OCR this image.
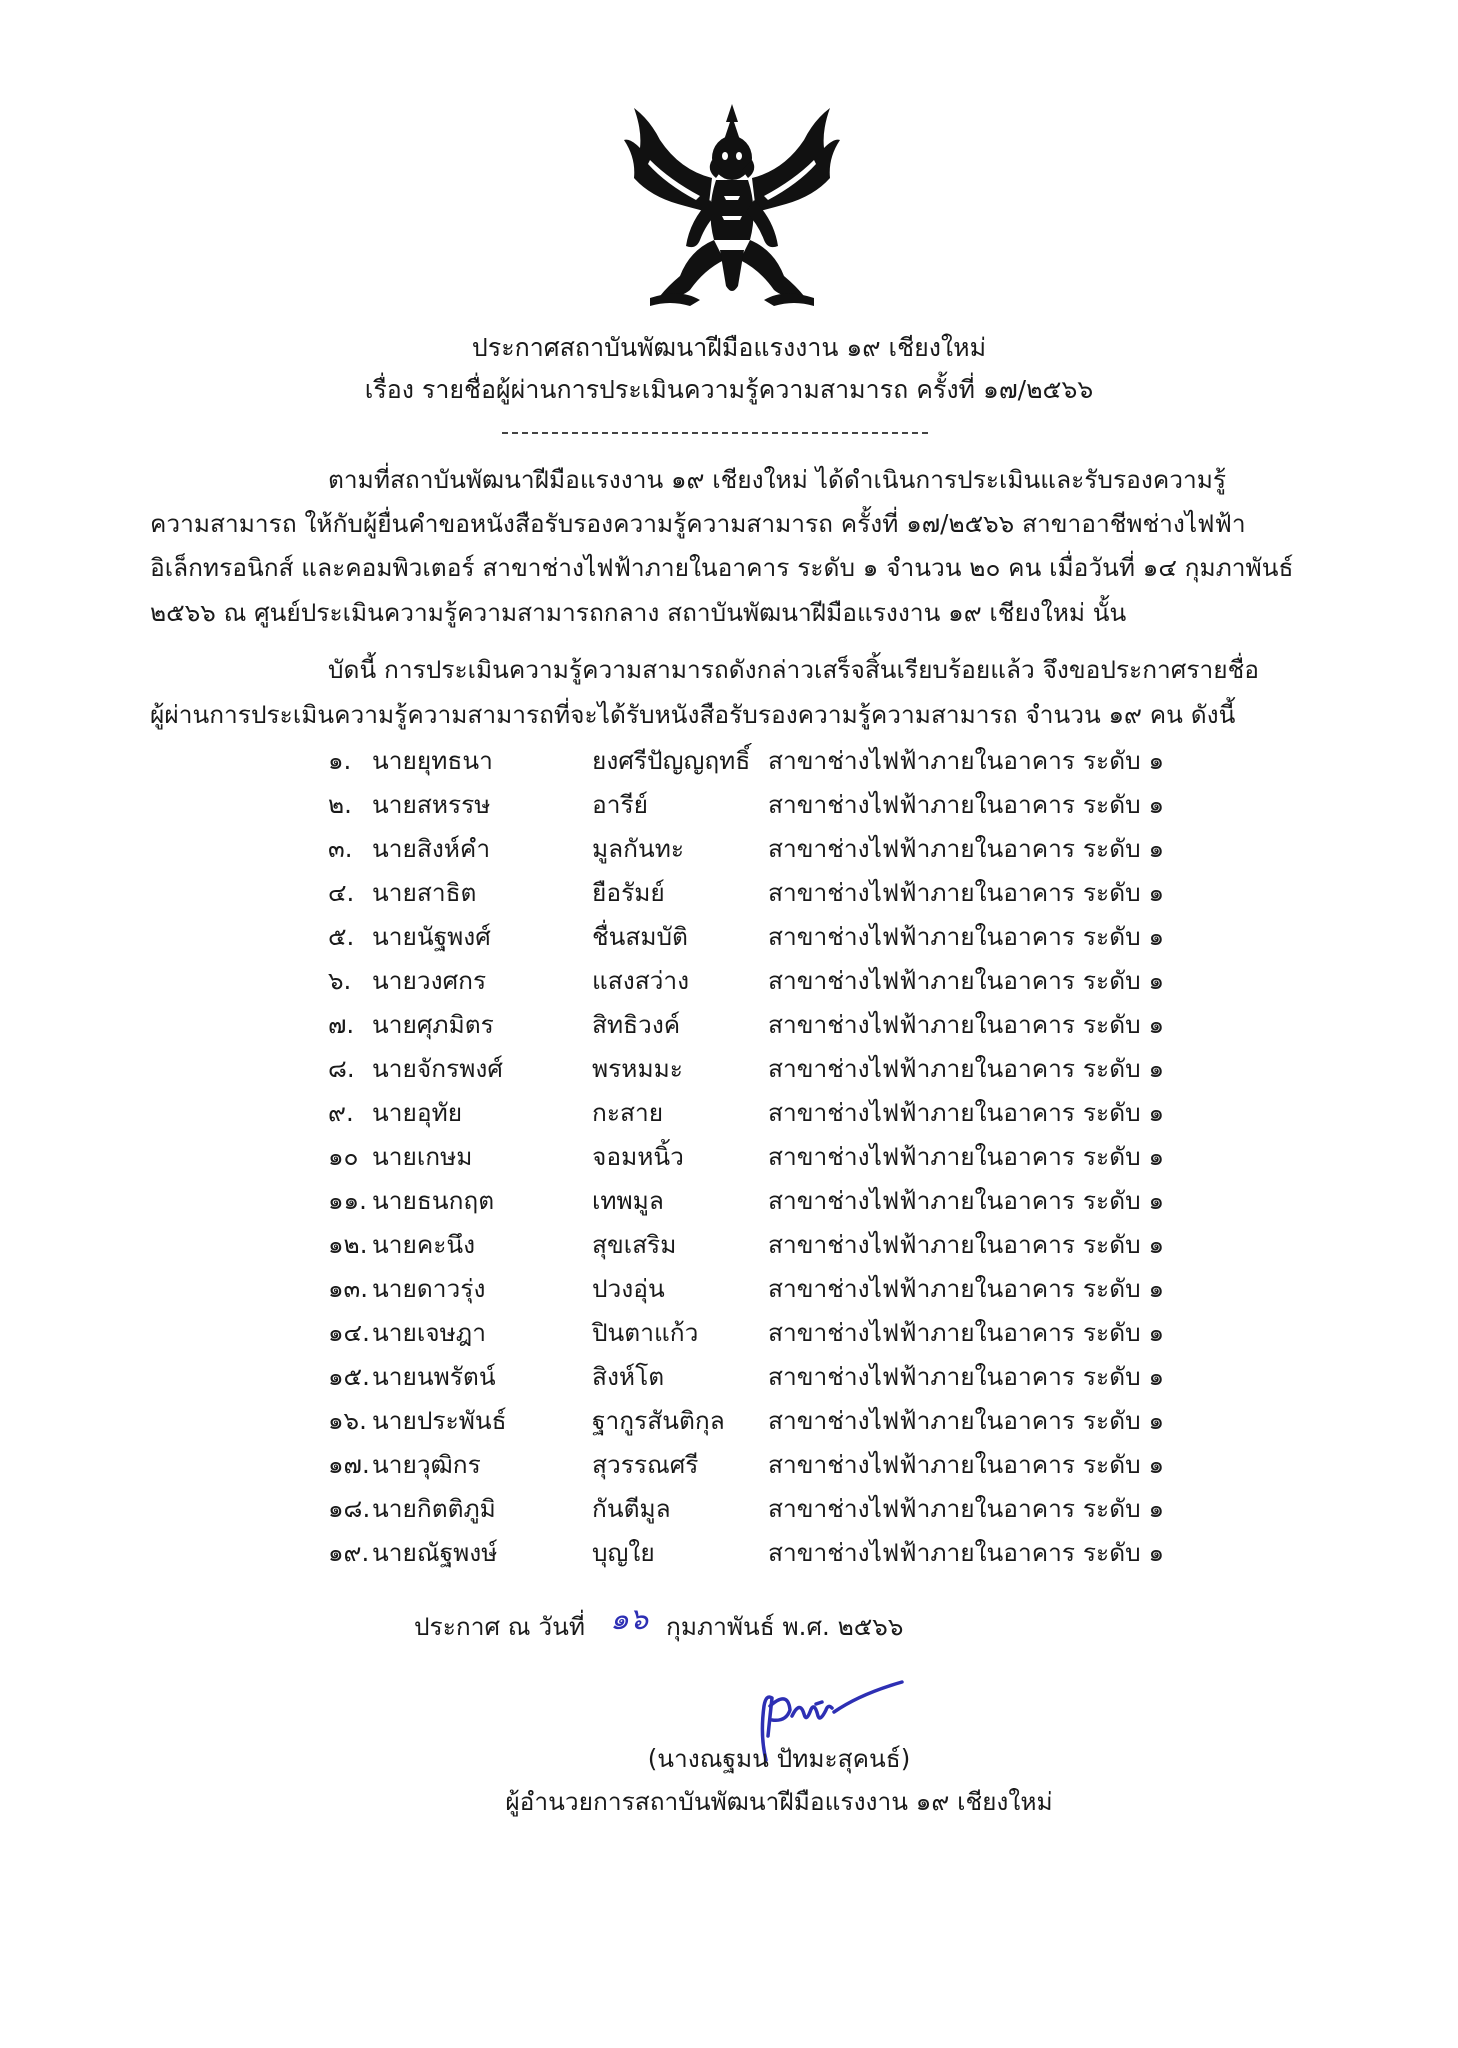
ประกาศสถาบันพัฒนาฝีมือแรงงาน ๑๙ เชียงใหม่
เรื่อง รายชื่อผู้ผ่านการประเมินความรู้ความสามารถ ครั้งที่ ๑๗/๒๕๖๖
ตามที่สถาบันพัฒนาฝีมือแรงงาน ๑๙ เชียงใหม่ ได้ดำเนินการประเมินและรับรองความรู้
ความสามารถ ให้กับผู้ยื่นคำขอหนังสือรับรองความรู้ความสามารถ ครั้งที่ ๑๗/๒๕๖๖ สาขาอาชีพช่างไฟฟ้า
อิเล็กทรอนิกส์ และคอมพิวเตอร์ สาขาช่างไฟฟ้าภายในอาคาร ระดับ ๑ จำนวน ๒๐ คน เมื่อวันที่ ๑๔ กุมภาพันธ์
๒๕๖๖ ณ ศูนย์ประเมินความรู้ความสามารถกลาง สถาบันพัฒนาฝีมือแรงงาน ๑๙ เชียงใหม่ นั้น
บัดนี้ การประเมินความรู้ความสามารถดังกล่าวเสร็จสิ้นเรียบร้อยแล้ว จึงขอประกาศรายชื่อ
ผู้ผ่านการประเมินความรู้ความสามารถที่จะได้รับหนังสือรับรองความรู้ความสามารถ จำนวน ๑๙ คน ดังนี้
๑. นายยุทธนา	ยงศรีปัญญฤทธิ์ สาขาช่างไฟฟ้าภายในอาคาร ระดับ ๑
๒. นายสหรรษ	อารีย์	สาขาช่างไฟฟ้าภายในอาคาร ระดับ ๑
๓. นายสิงห์คำ	มูลกันทะ	สาขาช่างไฟฟ้าภายในอาคาร ระดับ ๑
๔. นายสาธิต	ยือรัมย์	สาขาช่างไฟฟ้าภายในอาคาร ระดับ ๑
๕. นายนัฐพงศ์	ชื่นสมบัติ	สาขาช่างไฟฟ้าภายในอาคาร ระดับ ๑
๖. นายวงศกร	แสงสว่าง	สาขาช่างไฟฟ้าภายในอาคาร ระดับ ๑
๗. นายศุภมิตร	สิทธิวงค์	สาขาช่างไฟฟ้าภายในอาคาร ระดับ ๑
๘. นายจักรพงศ์	พรหมมะ	สาขาช่างไฟฟ้าภายในอาคาร ระดับ ๑
๙. นายอุทัย	กะสาย	สาขาช่างไฟฟ้าภายในอาคาร ระดับ ๑
๑๐ นายเกษม	จอมหนิ้ว	สาขาช่างไฟฟ้าภายในอาคาร ระดับ ๑
๑๑. นายธนกฤต	เทพมูล	สาขาช่างไฟฟ้าภายในอาคาร ระดับ ๑
๑๒. นายคะนึง	สุขเสริม	สาขาช่างไฟฟ้าภายในอาคาร ระดับ ๑
๑๓. นายดาวรุ่ง	ปวงอุ่น	สาขาช่างไฟฟ้าภายในอาคาร ระดับ ๑
๑๔. นายเจษฎา	ปินตาแก้ว	สาขาช่างไฟฟ้าภายในอาคาร ระดับ ๑
๑๕. นายนพรัตน์	สิงห์โต	สาขาช่างไฟฟ้าภายในอาคาร ระดับ ๑
๑๖. นายประพันธ์	ฐากูรสันติกุล สาขาช่างไฟฟ้าภายในอาคาร ระดับ ๑
๑๗. นายวุฒิกร	สุวรรณศรี	สาขาช่างไฟฟ้าภายในอาคาร ระดับ ๑
๑๘. นายกิตติภูมิ	กันตีมูล	สาขาช่างไฟฟ้าภายในอาคาร ระดับ ๑
๑๙. นายณัฐพงษ์	บุญใย	สาขาช่างไฟฟ้าภายในอาคาร ระดับ ๑
ประกาศ ณ วันที่ ๑๖ กุมภาพันธ์ พ.ศ. ๒๕๖๖
(นางณฐมน ปัทมะสุคนธ์)
ผู้อำนวยการสถาบันพัฒนาฝีมือแรงงาน ๑๙ เชียงใหม่
